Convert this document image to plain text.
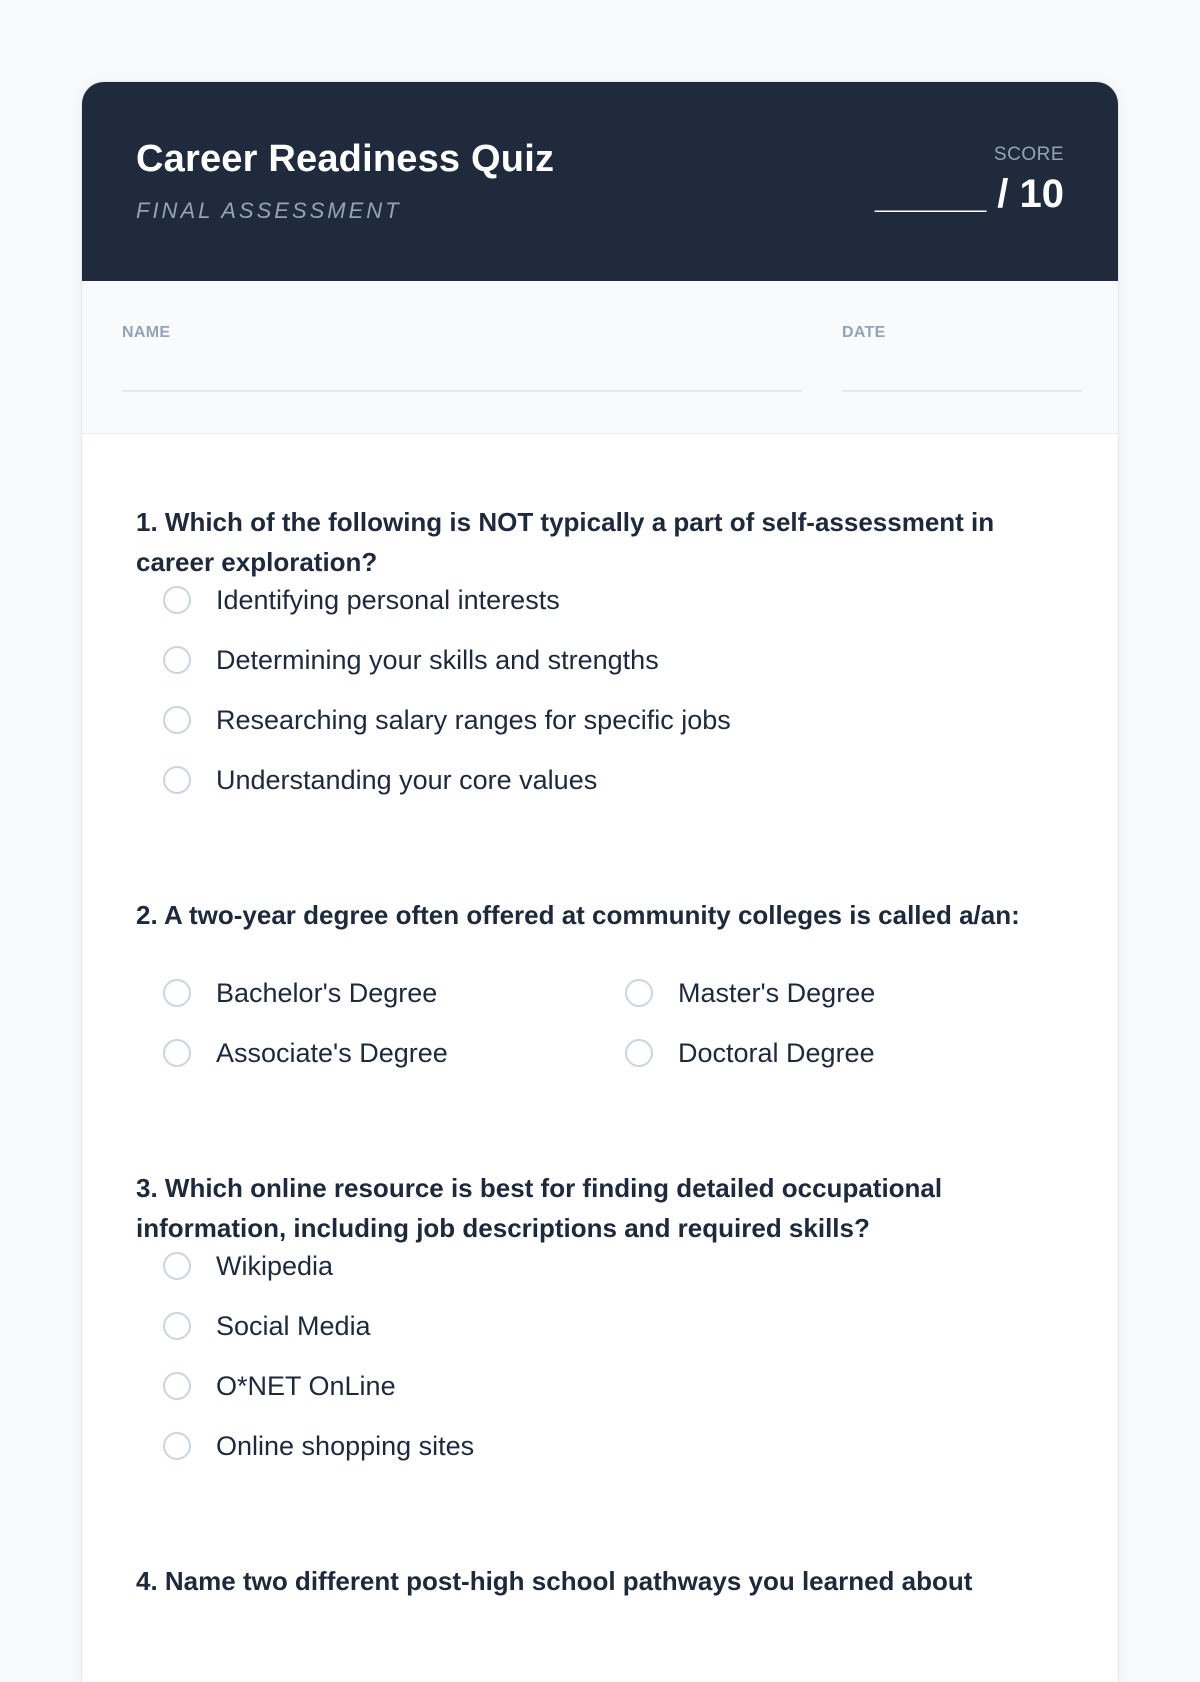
Career Readiness Quiz
FINAL ASSESSMENT
SCORE
_____ / 10
NAME	DATE
1. Which of the following is NOT typically a part of self-assessment in career exploration?
Identifying personal interests
Determining your skills and strengths
Researching salary ranges for specific jobs
Understanding your core values
2. A two-year degree often offered at community colleges is called a/an:
Bachelor's Degree	Master's Degree
Associate's Degree	Doctoral Degree
3. Which online resource is best for finding detailed occupational information, including job descriptions and required skills?
Wikipedia
Social Media
O*NET OnLine
Online shopping sites
4. Name two different post-high school pathways you learned about
